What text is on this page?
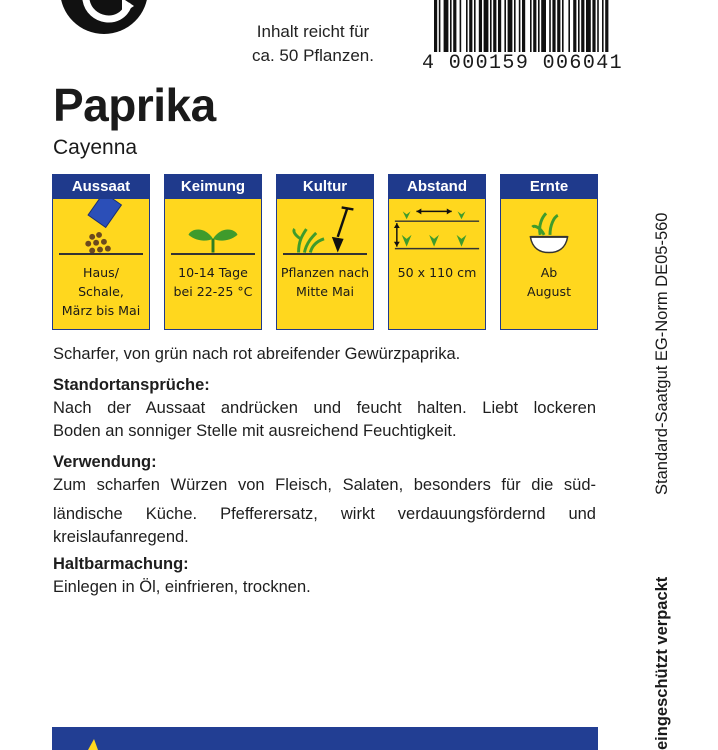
Inhalt reicht für
ca. 50 Pflanzen.	4 000159 006041
Paprika
Cayenna
Aussaat
Haus/
Schale,
März bis Mai
Keimung
10-14 Tage
bei 22-25 °C
Kultur
Pflanzen nach
Mitte Mai
Abstand
50 x 110 cm
Ernte
Ab
August
Scharfer, von grün nach rot abreifender Gewürzpaprika.
Standortansprüche:
Nach der Aussaat andrücken und feucht halten. Liebt lockeren
Boden an sonniger Stelle mit ausreichend Feuchtigkeit.
Verwendung:
Zum scharfen Würzen von Fleisch, Salaten, besonders für die süd-
ländische Küche. Pfefferersatz, wirkt verdauungsfördernd und
kreislaufanregend.
Haltbarmachung:
Einlegen in Öl, einfrieren, trocknen.
Standard-Saatgut EG-Norm DE05-560
eingeschützt verpackt
